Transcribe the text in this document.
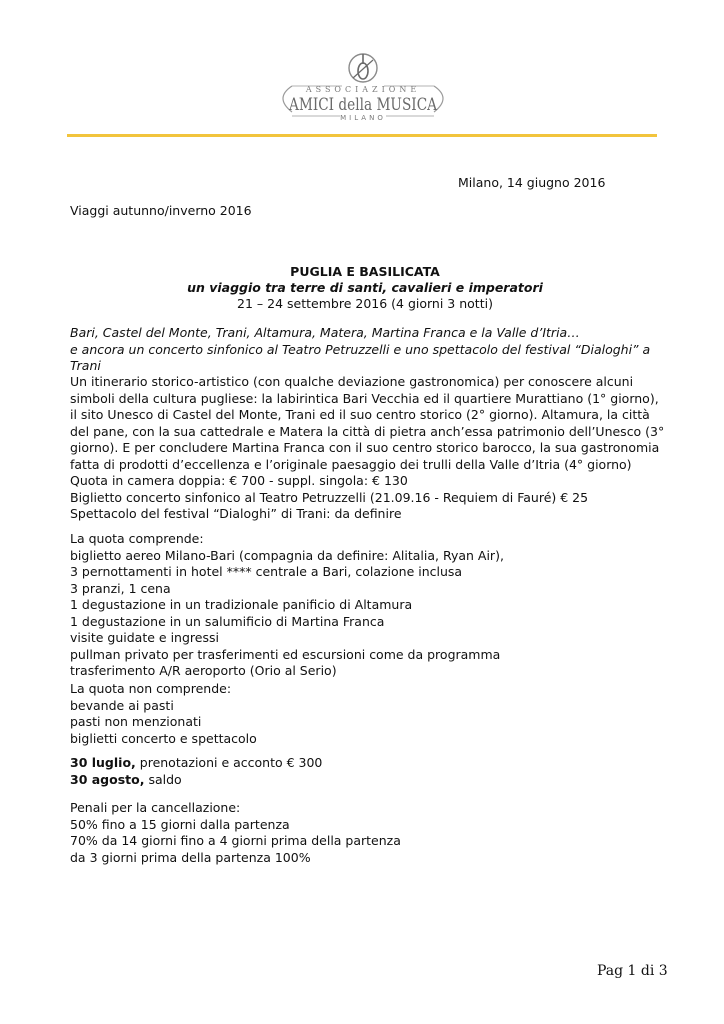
ASSOCIAZIONE
AMICI della MUSICA
MILANO
Milano, 14 giugno 2016
Viaggi autunno/inverno 2016
PUGLIA E BASILICATA
un viaggio tra terre di santi, cavalieri e imperatori
21 – 24 settembre 2016 (4 giorni 3 notti)
Bari, Castel del Monte, Trani, Altamura, Matera, Martina Franca e la Valle d’Itria…
e ancora un concerto sinfonico al Teatro Petruzzelli e uno spettacolo del festival “Dialoghi” a
Trani
Un itinerario storico-artistico (con qualche deviazione gastronomica) per conoscere alcuni
simboli della cultura pugliese: la labirintica Bari Vecchia ed il quartiere Murattiano (1° giorno),
il sito Unesco di Castel del Monte, Trani ed il suo centro storico (2° giorno). Altamura, la città
del pane, con la sua cattedrale e Matera la città di pietra anch’essa patrimonio dell’Unesco (3°
giorno). E per concludere Martina Franca con il suo centro storico barocco, la sua gastronomia
fatta di prodotti d’eccellenza e l’originale paesaggio dei trulli della Valle d’Itria (4° giorno)
Quota in camera doppia: € 700 - suppl. singola: € 130
Biglietto concerto sinfonico al Teatro Petruzzelli (21.09.16 - Requiem di Fauré) € 25
Spettacolo del festival “Dialoghi” di Trani: da definire
La quota comprende:
biglietto aereo Milano-Bari (compagnia da definire: Alitalia, Ryan Air),
3 pernottamenti in hotel **** centrale a Bari, colazione inclusa
3 pranzi, 1 cena
1 degustazione in un tradizionale panificio di Altamura
1 degustazione in un salumificio di Martina Franca
visite guidate e ingressi
pullman privato per trasferimenti ed escursioni come da programma
trasferimento A/R aeroporto (Orio al Serio)
La quota non comprende:
bevande ai pasti
pasti non menzionati
biglietti concerto e spettacolo
30 luglio, prenotazioni e acconto € 300
30 agosto, saldo
Penali per la cancellazione:
50% fino a 15 giorni dalla partenza
70% da 14 giorni fino a 4 giorni prima della partenza
da 3 giorni prima della partenza 100%
Pag 1 di 3
